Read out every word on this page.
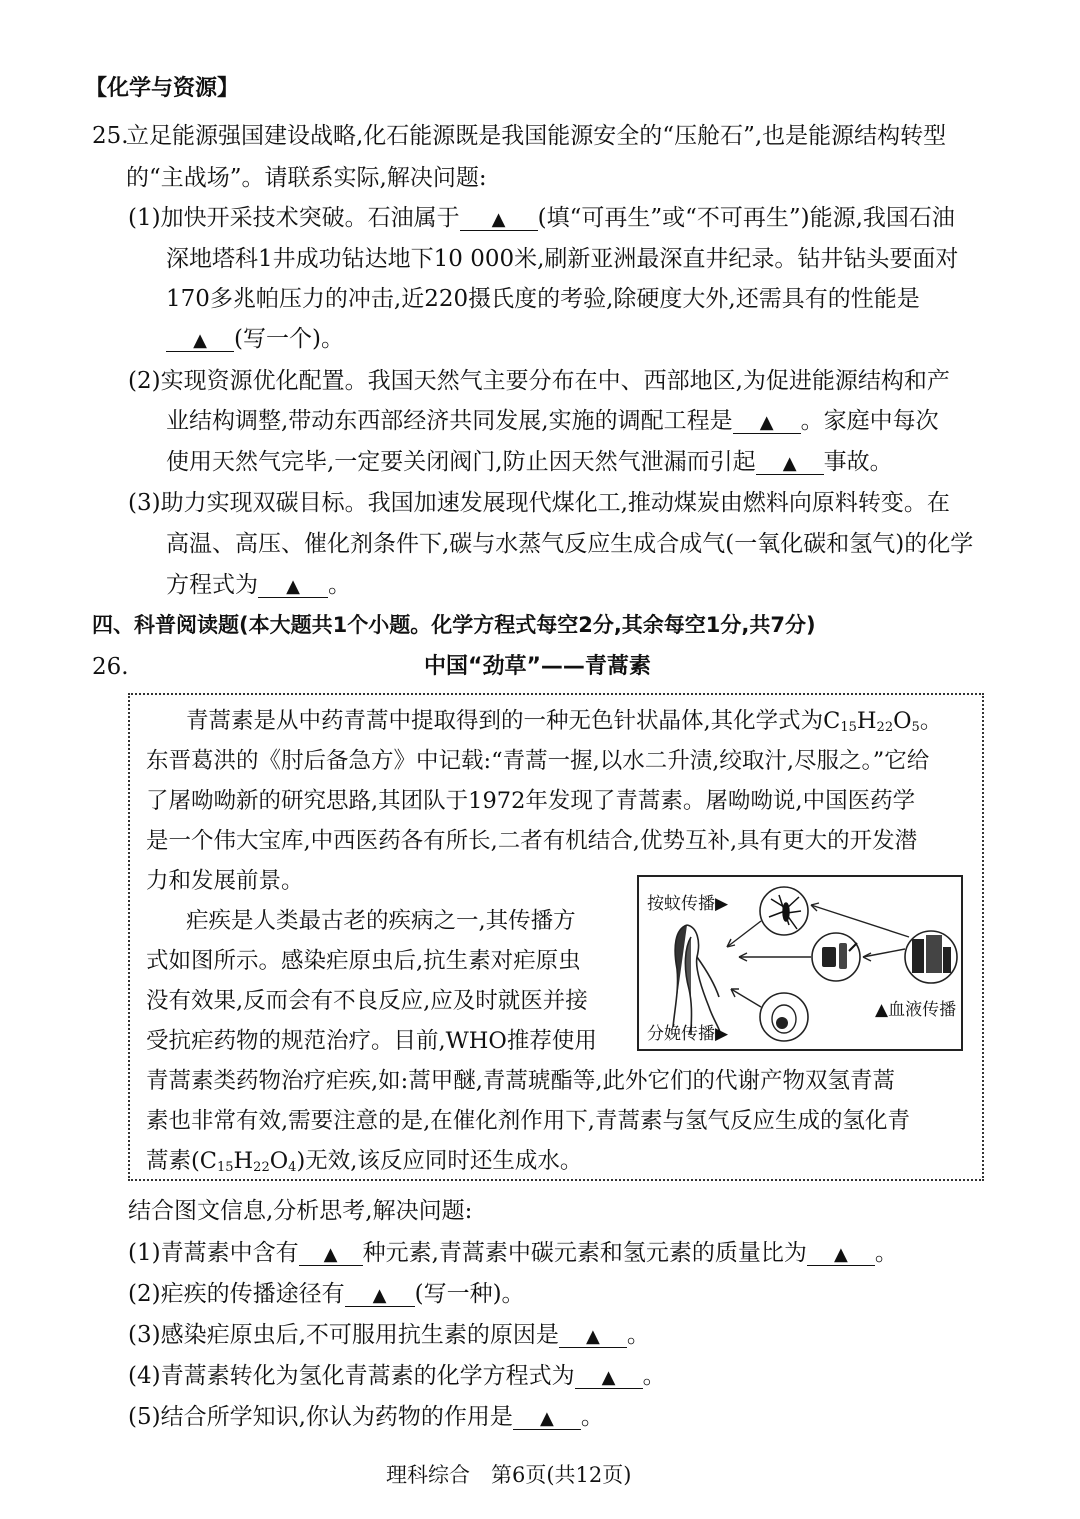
【化学与资源】
25.
立足能源强国建设战略,化石能源既是我国能源安全的“压舱石”,也是能源结构转型
的“主战场”。请联系实际,解决问题:
(1)加快开采技术突破。石油属于 ▲ (填“可再生”或“不可再生”)能源,我国石油
深地塔科1井成功钻达地下10 000米,刷新亚洲最深直井纪录。钻井钻头要面对
170多兆帕压力的冲击,近220摄氏度的考验,除硬度大外,还需具有的性能是
▲ (写一个)。
(2)实现资源优化配置。我国天然气主要分布在中、西部地区,为促进能源结构和产
业结构调整,带动东西部经济共同发展,实施的调配工程是 ▲ 。家庭中每次
使用天然气完毕,一定要关闭阀门,防止因天然气泄漏而引起 ▲ 事故。
(3)助力实现双碳目标。我国加速发展现代煤化工,推动煤炭由燃料向原料转变。在
高温、高压、催化剂条件下,碳与水蒸气反应生成合成气(一氧化碳和氢气)的化学
方程式为 ▲ 。
四、科普阅读题(本大题共1个小题。化学方程式每空2分,其余每空1分,共7分)
26.	中国“劲草”——青蒿素
青蒿素是从中药青蒿中提取得到的一种无色针状晶体,其化学式为$C_{15}H_{22}O_5$。
东晋葛洪的《肘后备急方》中记载:“青蒿一握,以水二升渍,绞取汁,尽服之。”它给
了屠呦呦新的研究思路,其团队于1972年发现了青蒿素。屠呦呦说,中国医药学
是一个伟大宝库,中西医药各有所长,二者有机结合,优势互补,具有更大的开发潜
力和发展前景。
疟疾是人类最古老的疾病之一,其传播方
式如图所示。感染疟原虫后,抗生素对疟原虫
没有效果,反而会有不良反应,应及时就医并接
受抗疟药物的规范治疗。目前,WHO推荐使用
青蒿素类药物治疗疟疾,如:蒿甲醚,青蒿琥酯等,此外它们的代谢产物双氢青蒿
素也非常有效,需要注意的是,在催化剂作用下,青蒿素与氢气反应生成的氢化青
蒿素$(C_{15}H_{22}O_4)$无效,该反应同时还生成水。
按蚊传播▶
分娩传播▶
▲血液传播
结合图文信息,分析思考,解决问题:
(1)青蒿素中含有 ▲ 种元素,青蒿素中碳元素和氢元素的质量比为 ▲ 。
(2)疟疾的传播途径有 ▲ (写一种)。
(3)感染疟原虫后,不可服用抗生素的原因是 ▲ 。
(4)青蒿素转化为氢化青蒿素的化学方程式为 ▲ 。
(5)结合所学知识,你认为药物的作用是 ▲ 。
理科综合　第6页(共12页)
